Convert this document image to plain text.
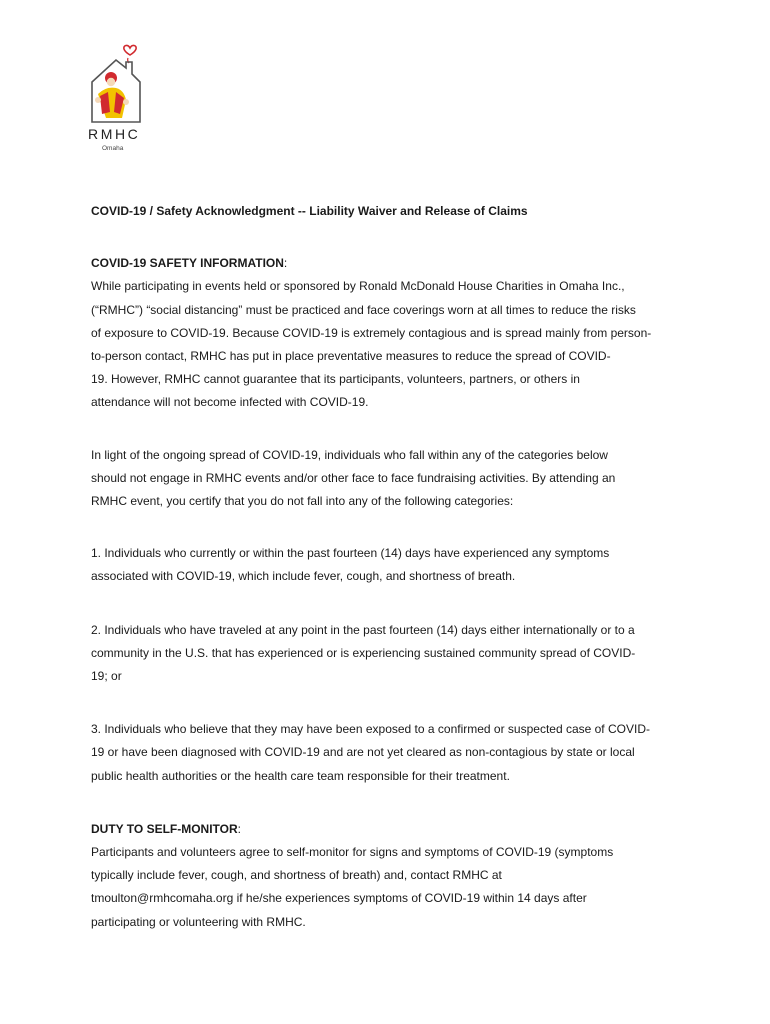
RMHC
Omaha
COVID-19 / Safety Acknowledgment -- Liability Waiver and Release of Claims
COVID-19 SAFETY INFORMATION:
While participating in events held or sponsored by Ronald McDonald House Charities in Omaha Inc.,
(“RMHC”) “social distancing” must be practiced and face coverings worn at all times to reduce the risks
of exposure to COVID-19. Because COVID-19 is extremely contagious and is spread mainly from person-
to-person contact, RMHC has put in place preventative measures to reduce the spread of COVID-
19. However, RMHC cannot guarantee that its participants, volunteers, partners, or others in
attendance will not become infected with COVID-19.
In light of the ongoing spread of COVID-19, individuals who fall within any of the categories below
should not engage in RMHC events and/or other face to face fundraising activities. By attending an
RMHC event, you certify that you do not fall into any of the following categories:
1. Individuals who currently or within the past fourteen (14) days have experienced any symptoms
associated with COVID-19, which include fever, cough, and shortness of breath.
2. Individuals who have traveled at any point in the past fourteen (14) days either internationally or to a
community in the U.S. that has experienced or is experiencing sustained community spread of COVID-
19; or
3. Individuals who believe that they may have been exposed to a confirmed or suspected case of COVID-
19 or have been diagnosed with COVID-19 and are not yet cleared as non-contagious by state or local
public health authorities or the health care team responsible for their treatment.
DUTY TO SELF-MONITOR:
Participants and volunteers agree to self-monitor for signs and symptoms of COVID-19 (symptoms
typically include fever, cough, and shortness of breath) and, contact RMHC at
tmoulton@rmhcomaha.org if he/she experiences symptoms of COVID-19 within 14 days after
participating or volunteering with RMHC.
